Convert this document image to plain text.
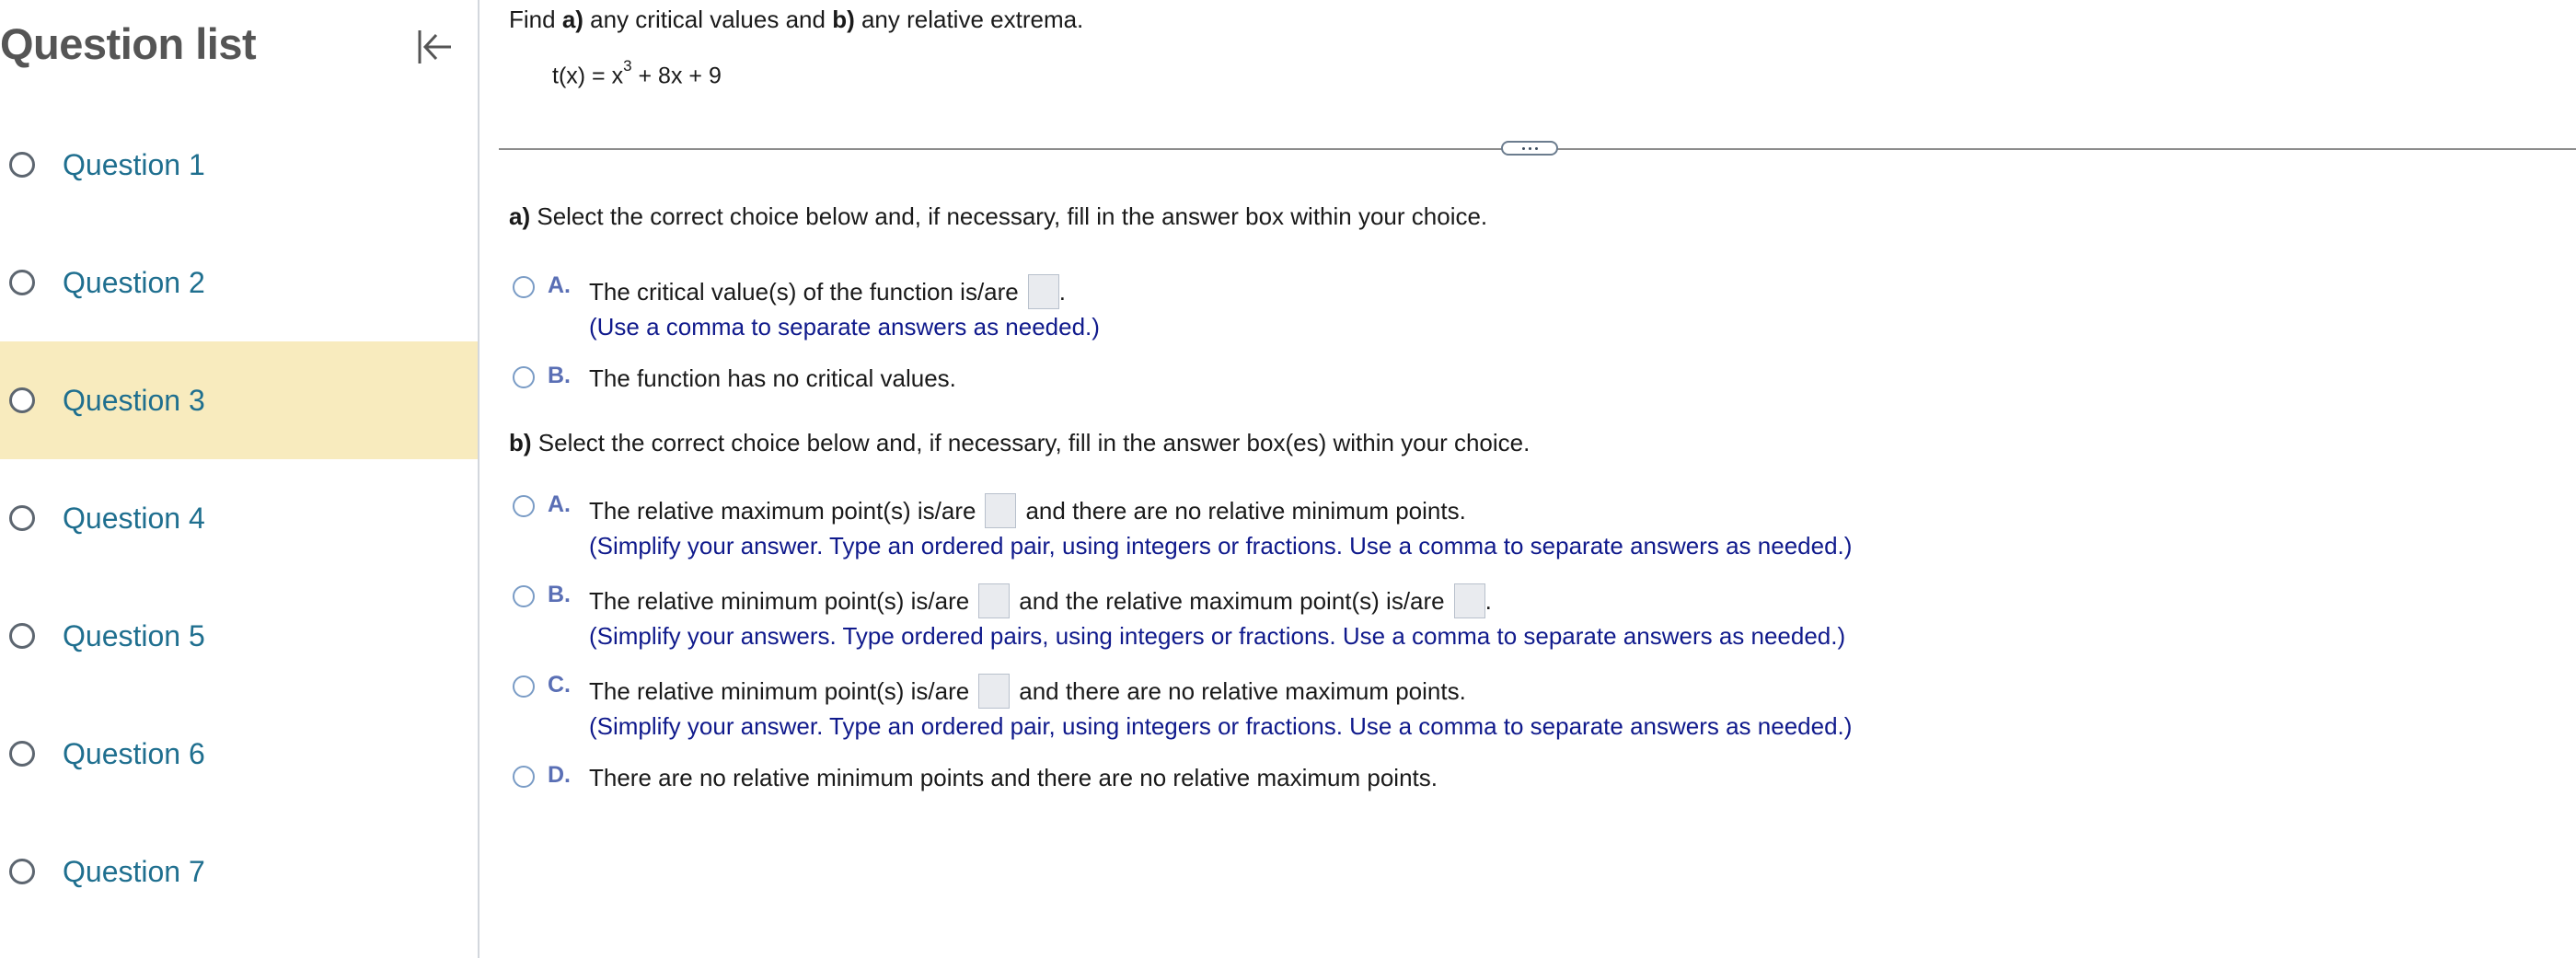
Question list
Question 1
Question 2
Question 3
Question 4
Question 5
Question 6
Question 7
Find a) any critical values and b) any relative extrema.
$t(x) = x^3 + 8x + 9$
a) Select the correct choice below and, if necessary, fill in the answer box within your choice.
A. The critical value(s) of the function is/are .
(Use a comma to separate answers as needed.)
B. The function has no critical values.
b) Select the correct choice below and, if necessary, fill in the answer box(es) within your choice.
A. The relative maximum point(s) is/are and there are no relative minimum points.
(Simplify your answer. Type an ordered pair, using integers or fractions. Use a comma to separate answers as needed.)
B. The relative minimum point(s) is/are and the relative maximum point(s) is/are .
(Simplify your answers. Type ordered pairs, using integers or fractions. Use a comma to separate answers as needed.)
C. The relative minimum point(s) is/are and there are no relative maximum points.
(Simplify your answer. Type an ordered pair, using integers or fractions. Use a comma to separate answers as needed.)
D. There are no relative minimum points and there are no relative maximum points.
